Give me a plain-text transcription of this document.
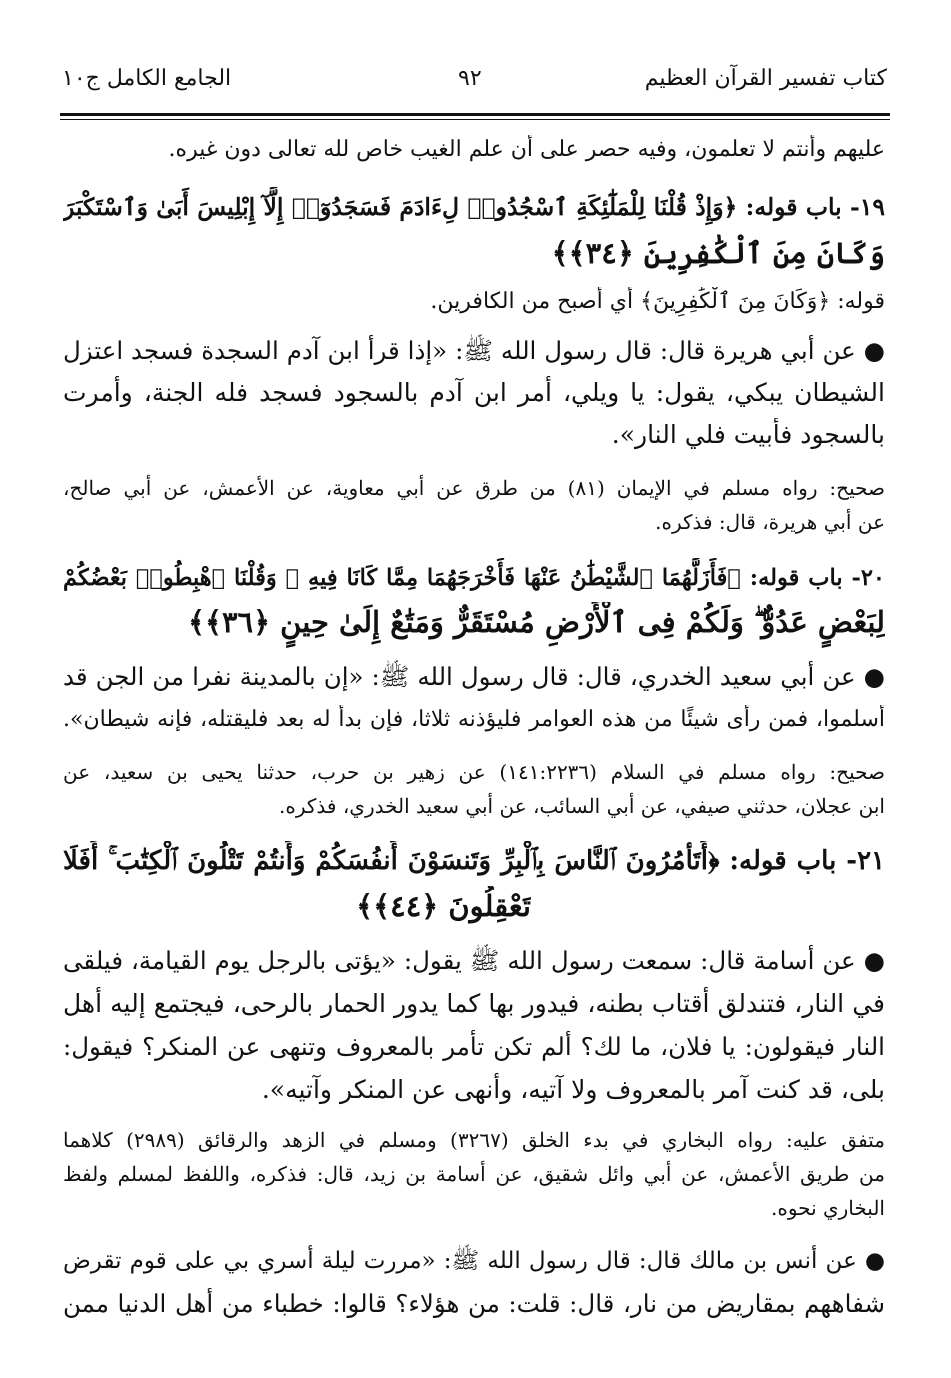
كتاب تفسير القرآن العظيم
٩٢
الجامع الكامل ج١٠
عليهم وأنتم لا تعلمون، وفيه حصر على أن علم الغيب خاص لله تعالى دون غيره.
١٩- باب قوله: ﴿وَإِذْ قُلْنَا لِلْمَلَٰٓئِكَةِ ٱسْجُدُوا۟ لِءَادَمَ فَسَجَدُوٓا۟ إِلَّآ إِبْلِيسَ أَبَىٰ وَٱسْتَكْبَرَ
وَكَانَ مِنَ ٱلْكَٰفِرِينَ ﴿٣٤﴾﴾
قوله: ﴿وَكَانَ مِنَ ٱلْكَٰفِرِينَ﴾ أي أصبح من الكافرين.
● عن أبي هريرة قال: قال رسول الله ﷺ: «إذا قرأ ابن آدم السجدة فسجد اعتزل
الشيطان يبكي، يقول: يا ويلي، أمر ابن آدم بالسجود فسجد فله الجنة، وأمرت
بالسجود فأبيت فلي النار».
صحيح: رواه مسلم في الإيمان (٨١) من طرق عن أبي معاوية، عن الأعمش، عن أبي صالح،
عن أبي هريرة، قال: فذكره.
٢٠- باب قوله: ﴿فَأَزَلَّهُمَا ٱلشَّيْطَٰنُ عَنْهَا فَأَخْرَجَهُمَا مِمَّا كَانَا فِيهِ ۖ وَقُلْنَا ٱهْبِطُوا۟ بَعْضُكُمْ
لِبَعْضٍ عَدُوٌّ ۖ وَلَكُمْ فِى ٱلْأَرْضِ مُسْتَقَرٌّ وَمَتَٰعٌ إِلَىٰ حِينٍ ﴿٣٦﴾﴾
● عن أبي سعيد الخدري، قال: قال رسول الله ﷺ: «إن بالمدينة نفرا من الجن قد
أسلموا، فمن رأى شيئًا من هذه العوامر فليؤذنه ثلاثا، فإن بدأ له بعد فليقتله، فإنه شيطان».
صحيح: رواه مسلم في السلام (١٤١:٢٢٣٦) عن زهير بن حرب، حدثنا يحيى بن سعيد، عن
ابن عجلان، حدثني صيفي، عن أبي السائب، عن أبي سعيد الخدري، فذكره.
٢١- باب قوله: ﴿أَتَأْمُرُونَ ٱلنَّاسَ بِٱلْبِرِّ وَتَنسَوْنَ أَنفُسَكُمْ وَأَنتُمْ تَتْلُونَ ٱلْكِتَٰبَ ۚ أَفَلَا
تَعْقِلُونَ ﴿٤٤﴾﴾
● عن أسامة قال: سمعت رسول الله ﷺ يقول: «يؤتى بالرجل يوم القيامة، فيلقى
في النار، فتندلق أقتاب بطنه، فيدور بها كما يدور الحمار بالرحى، فيجتمع إليه أهل
النار فيقولون: يا فلان، ما لك؟ ألم تكن تأمر بالمعروف وتنهى عن المنكر؟ فيقول:
بلى، قد كنت آمر بالمعروف ولا آتيه، وأنهى عن المنكر وآتيه».
متفق عليه: رواه البخاري في بدء الخلق (٣٢٦٧) ومسلم في الزهد والرقائق (٢٩٨٩) كلاهما
من طريق الأعمش، عن أبي وائل شقيق، عن أسامة بن زيد، قال: فذكره، واللفظ لمسلم ولفظ
البخاري نحوه.
● عن أنس بن مالك قال: قال رسول الله ﷺ: «مررت ليلة أسري بي على قوم تقرض
شفاههم بمقاريض من نار، قال: قلت: من هؤلاء؟ قالوا: خطباء من أهل الدنيا ممن
